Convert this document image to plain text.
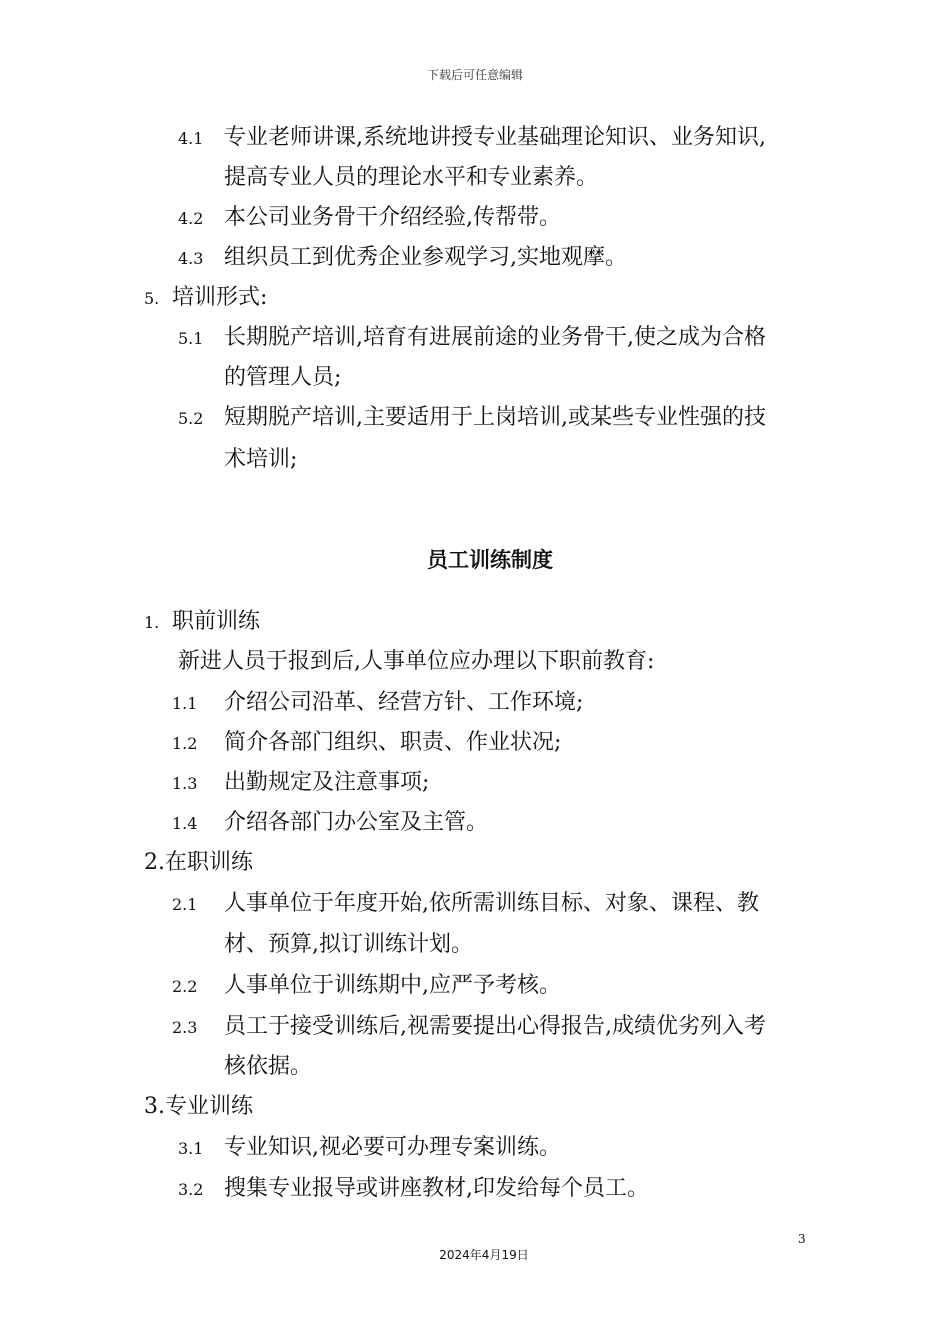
下载后可任意编辑
4.1 专业老师讲课,系统地讲授专业基础理论知识、业务知识,
提高专业人员的理论水平和专业素养。
4.2 本公司业务骨干介绍经验,传帮带。
4.3 组织员工到优秀企业参观学习,实地观摩。
5. 培训形式:
5.1 长期脱产培训,培育有进展前途的业务骨干,使之成为合格
的管理人员;
5.2 短期脱产培训,主要适用于上岗培训,或某些专业性强的技
术培训;
员工训练制度
1. 职前训练
新进人员于报到后,人事单位应办理以下职前教育:
1.1 介绍公司沿革、经营方针、工作环境;
1.2 简介各部门组织、职责、作业状况;
1.3 出勤规定及注意事项;
1.4 介绍各部门办公室及主管。
2.在职训练
2.1 人事单位于年度开始,依所需训练目标、对象、课程、教
材、预算,拟订训练计划。
2.2 人事单位于训练期中,应严予考核。
2.3 员工于接受训练后,视需要提出心得报告,成绩优劣列入考
核依据。
3.专业训练
3.1 专业知识,视必要可办理专案训练。
3.2 搜集专业报导或讲座教材,印发给每个员工。
3
2024年4月19日
